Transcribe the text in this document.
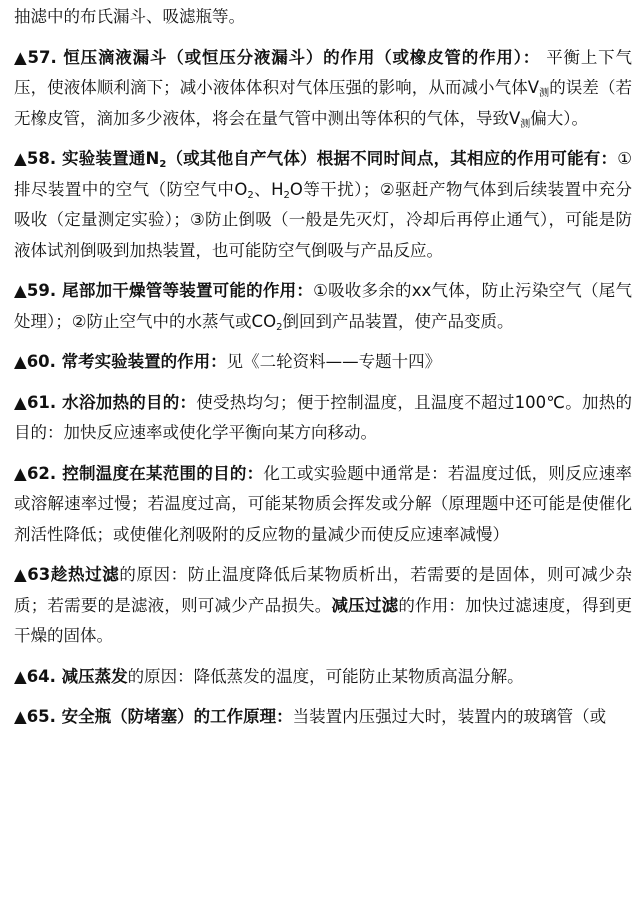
抽滤中的布氏漏斗、吸滤瓶等。

▲57. 恒压滴液漏斗（或恒压分液漏斗）的作用（或橡皮管的作用）： 平衡上下气压，使液体顺利滴下；减小液体体积对气体压强的影响，从而减小气体$V_测$的误差（若无橡皮管，滴加多少液体，将会在量气管中测出等体积的气体，导致$V_测$偏大）。

▲58. 实验装置通$N_2$（或其他自产气体）根据不同时间点，其相应的作用可能有：①排尽装置中的空气（防空气中$O_2$、$H_2O$等干扰）；②驱赶产物气体到后续装置中充分吸收（定量测定实验）；③防止倒吸（一般是先灭灯，冷却后再停止通气），可能是防液体试剂倒吸到加热装置，也可能防空气倒吸与产品反应。

▲59. 尾部加干燥管等装置可能的作用：①吸收多余的xx气体，防止污染空气（尾气处理）；②防止空气中的水蒸气或$CO_2$倒回到产品装置，使产品变质。

▲60. 常考实验装置的作用：见《二轮资料——专题十四》

▲61. 水浴加热的目的：使受热均匀；便于控制温度，且温度不超过100℃。加热的目的：加快反应速率或使化学平衡向某方向移动。

▲62. 控制温度在某范围的目的：化工或实验题中通常是：若温度过低，则反应速率或溶解速率过慢；若温度过高，可能某物质会挥发或分解（原理题中还可能是使催化剂活性降低；或使催化剂吸附的反应物的量减少而使反应速率减慢）

▲63趁热过滤的原因：防止温度降低后某物质析出，若需要的是固体，则可减少杂质；若需要的是滤液，则可减少产品损失。减压过滤的作用：加快过滤速度，得到更干燥的固体。

▲64. 减压蒸发的原因：降低蒸发的温度，可能防止某物质高温分解。

▲65. 安全瓶（防堵塞）的工作原理：当装置内压强过大时，装置内的玻璃管（或
